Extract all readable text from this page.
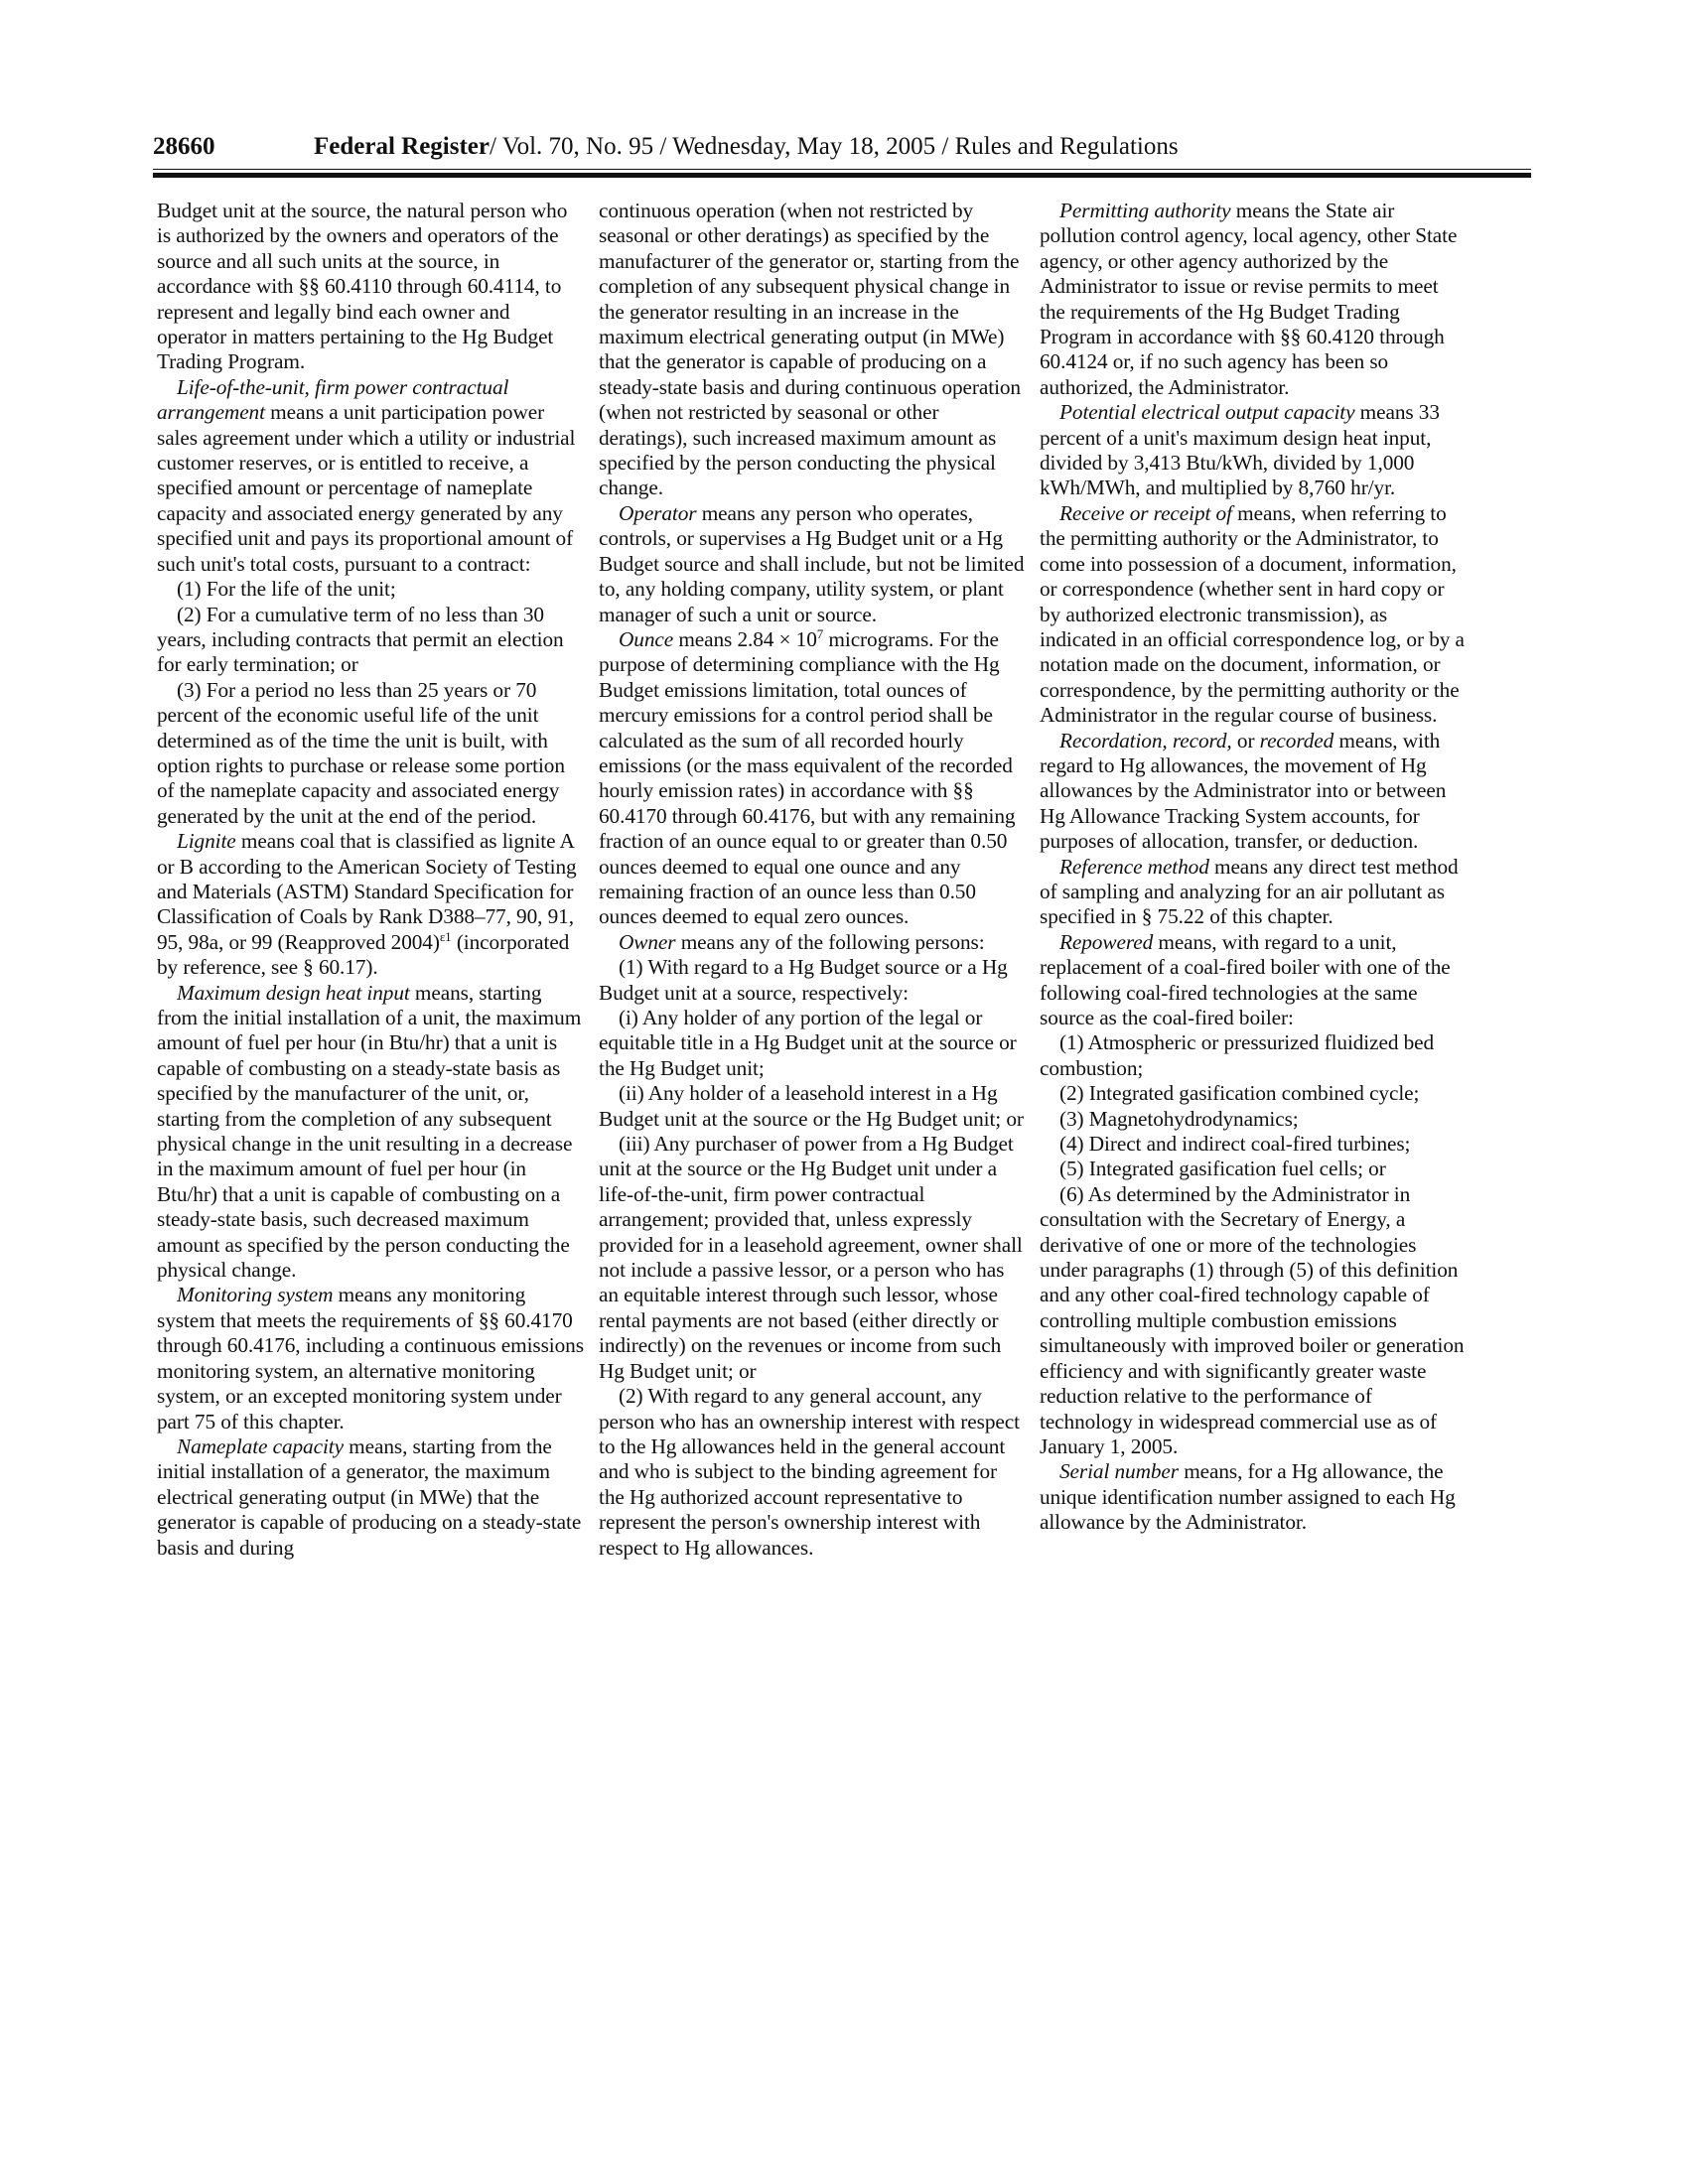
28660	Federal Register/ Vol. 70, No. 95 / Wednesday, May 18, 2005 / Rules and Regulations

Budget unit at the source, the natural person who is authorized by the owners and operators of the source and all such units at the source, in accordance with §§ 60.4110 through 60.4114, to represent and legally bind each owner and operator in matters pertaining to the Hg Budget Trading Program.

Life-of-the-unit, firm power contractual arrangement means a unit participation power sales agreement under which a utility or industrial customer reserves, or is entitled to receive, a specified amount or percentage of nameplate capacity and associated energy generated by any specified unit and pays its proportional amount of such unit's total costs, pursuant to a contract:

(1) For the life of the unit;

(2) For a cumulative term of no less than 30 years, including contracts that permit an election for early termination; or

(3) For a period no less than 25 years or 70 percent of the economic useful life of the unit determined as of the time the unit is built, with option rights to purchase or release some portion of the nameplate capacity and associated energy generated by the unit at the end of the period.

Lignite means coal that is classified as lignite A or B according to the American Society of Testing and Materials (ASTM) Standard Specification for Classification of Coals by Rank D388–77, 90, 91, 95, 98a, or 99 (Reapproved 2004)$^{\varepsilon 1}$ (incorporated by reference, see § 60.17).

Maximum design heat input means, starting from the initial installation of a unit, the maximum amount of fuel per hour (in Btu/hr) that a unit is capable of combusting on a steady-state basis as specified by the manufacturer of the unit, or, starting from the completion of any subsequent physical change in the unit resulting in a decrease in the maximum amount of fuel per hour (in Btu/hr) that a unit is capable of combusting on a steady-state basis, such decreased maximum amount as specified by the person conducting the physical change.

Monitoring system means any monitoring system that meets the requirements of §§ 60.4170 through 60.4176, including a continuous emissions monitoring system, an alternative monitoring system, or an excepted monitoring system under part 75 of this chapter.

Nameplate capacity means, starting from the initial installation of a generator, the maximum electrical generating output (in MWe) that the generator is capable of producing on a steady-state basis and during

continuous operation (when not restricted by seasonal or other deratings) as specified by the manufacturer of the generator or, starting from the completion of any subsequent physical change in the generator resulting in an increase in the maximum electrical generating output (in MWe) that the generator is capable of producing on a steady-state basis and during continuous operation (when not restricted by seasonal or other deratings), such increased maximum amount as specified by the person conducting the physical change.

Operator means any person who operates, controls, or supervises a Hg Budget unit or a Hg Budget source and shall include, but not be limited to, any holding company, utility system, or plant manager of such a unit or source.

Ounce means $2.84 \times 10^7$ micrograms. For the purpose of determining compliance with the Hg Budget emissions limitation, total ounces of mercury emissions for a control period shall be calculated as the sum of all recorded hourly emissions (or the mass equivalent of the recorded hourly emission rates) in accordance with §§ 60.4170 through 60.4176, but with any remaining fraction of an ounce equal to or greater than 0.50 ounces deemed to equal one ounce and any remaining fraction of an ounce less than 0.50 ounces deemed to equal zero ounces.

Owner means any of the following persons:

(1) With regard to a Hg Budget source or a Hg Budget unit at a source, respectively:

(i) Any holder of any portion of the legal or equitable title in a Hg Budget unit at the source or the Hg Budget unit;

(ii) Any holder of a leasehold interest in a Hg Budget unit at the source or the Hg Budget unit; or

(iii) Any purchaser of power from a Hg Budget unit at the source or the Hg Budget unit under a life-of-the-unit, firm power contractual arrangement; provided that, unless expressly provided for in a leasehold agreement, owner shall not include a passive lessor, or a person who has an equitable interest through such lessor, whose rental payments are not based (either directly or indirectly) on the revenues or income from such Hg Budget unit; or

(2) With regard to any general account, any person who has an ownership interest with respect to the Hg allowances held in the general account and who is subject to the binding agreement for the Hg authorized account representative to represent the person's ownership interest with respect to Hg allowances.

Permitting authority means the State air pollution control agency, local agency, other State agency, or other agency authorized by the Administrator to issue or revise permits to meet the requirements of the Hg Budget Trading Program in accordance with §§ 60.4120 through 60.4124 or, if no such agency has been so authorized, the Administrator.

Potential electrical output capacity means 33 percent of a unit's maximum design heat input, divided by 3,413 Btu/kWh, divided by 1,000 kWh/MWh, and multiplied by 8,760 hr/yr.

Receive or receipt of means, when referring to the permitting authority or the Administrator, to come into possession of a document, information, or correspondence (whether sent in hard copy or by authorized electronic transmission), as indicated in an official correspondence log, or by a notation made on the document, information, or correspondence, by the permitting authority or the Administrator in the regular course of business.

Recordation, record, or recorded means, with regard to Hg allowances, the movement of Hg allowances by the Administrator into or between Hg Allowance Tracking System accounts, for purposes of allocation, transfer, or deduction.

Reference method means any direct test method of sampling and analyzing for an air pollutant as specified in § 75.22 of this chapter.

Repowered means, with regard to a unit, replacement of a coal-fired boiler with one of the following coal-fired technologies at the same source as the coal-fired boiler:

(1) Atmospheric or pressurized fluidized bed combustion;

(2) Integrated gasification combined cycle;

(3) Magnetohydrodynamics;

(4) Direct and indirect coal-fired turbines;

(5) Integrated gasification fuel cells; or

(6) As determined by the Administrator in consultation with the Secretary of Energy, a derivative of one or more of the technologies under paragraphs (1) through (5) of this definition and any other coal-fired technology capable of controlling multiple combustion emissions simultaneously with improved boiler or generation efficiency and with significantly greater waste reduction relative to the performance of technology in widespread commercial use as of January 1, 2005.

Serial number means, for a Hg allowance, the unique identification number assigned to each Hg allowance by the Administrator.
